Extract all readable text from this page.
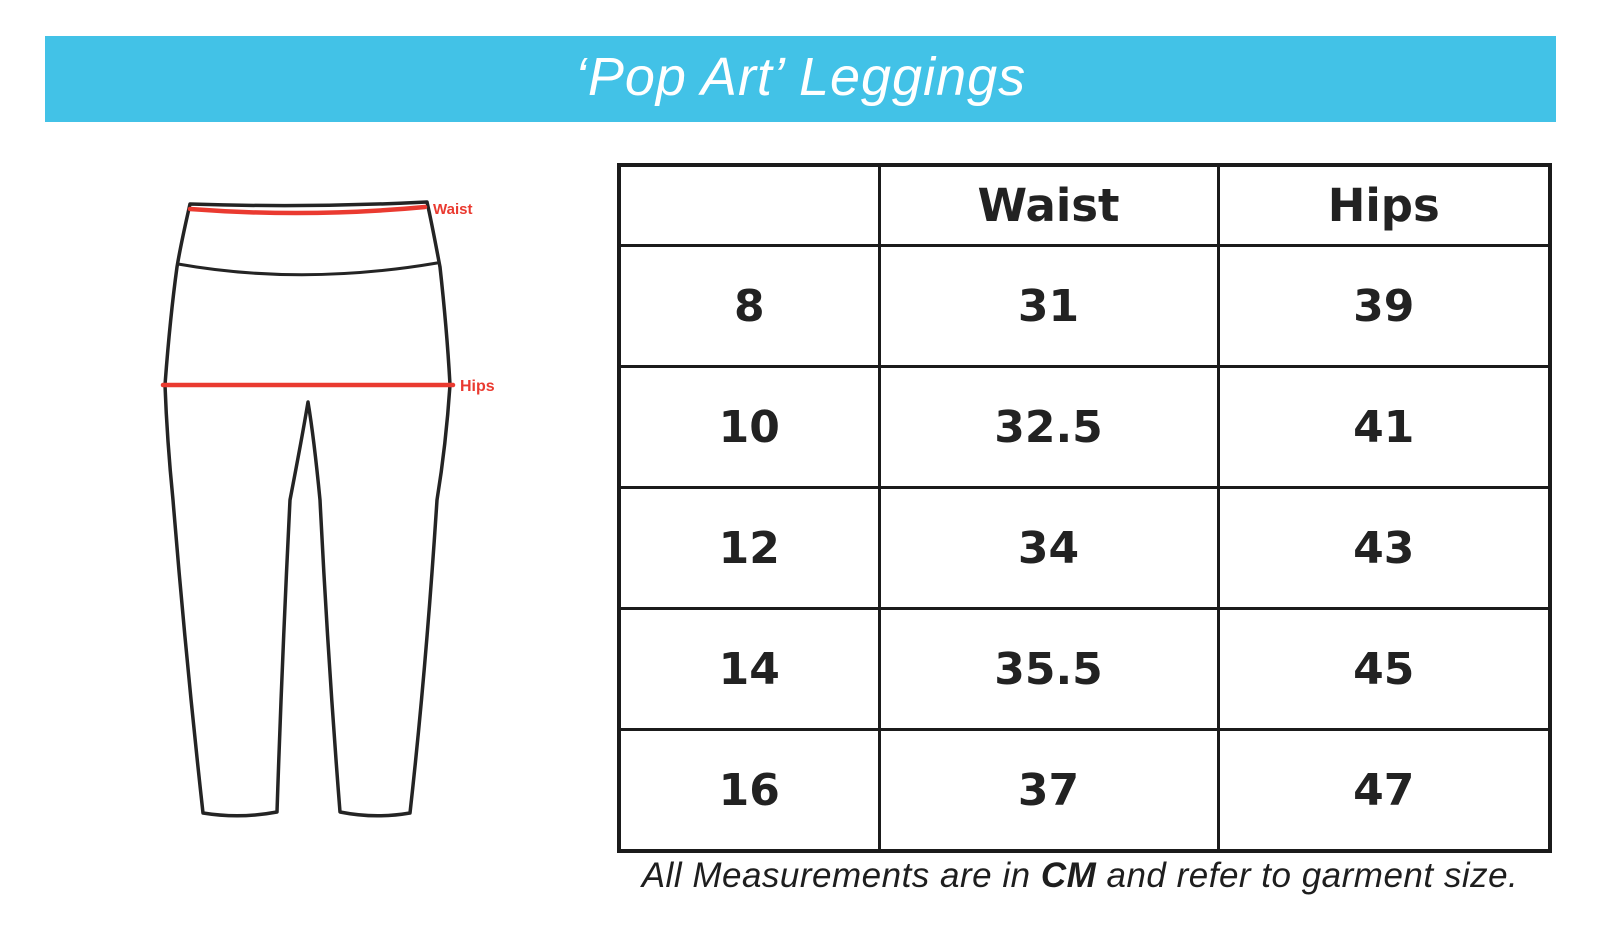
‘Pop Art’ Leggings
Waist
Hips
	Waist	Hips
8	31	39
10	32.5	41
12	34	43
14	35.5	45
16	37	47
All Measurements are in CM and refer to garment size.
